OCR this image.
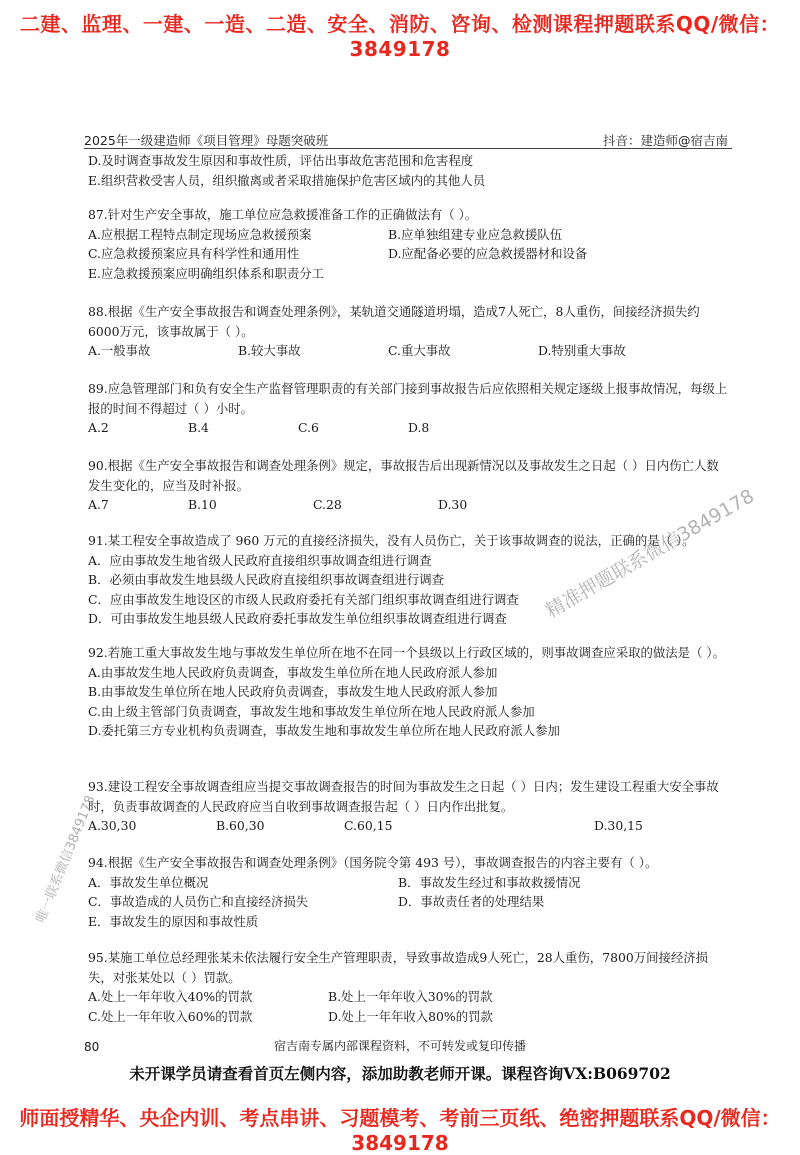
二建、监理、一建、一造、二造、安全、消防、咨询、检测课程押题联系QQ/微信：3849178
2025年一级建造师《项目管理》母题突破班	抖音：建造师@宿吉南
D.及时调查事故发生原因和事故性质，评估出事故危害范围和危害程度
E.组织营救受害人员，组织撤离或者采取措施保护危害区域内的其他人员
87.针对生产安全事故，施工单位应急救援准备工作的正确做法有（ ）。
A.应根据工程特点制定现场应急救援预案	B.应单独组建专业应急救援队伍
C.应急救援预案应具有科学性和通用性	D.应配备必要的应急救援器材和设备
E.应急救援预案应明确组织体系和职责分工
88.根据《生产安全事故报告和调查处理条例》，某轨道交通隧道坍塌，造成7人死亡，8人重伤，间接经济损失约6000万元，该事故属于（ ）。
A.一般事故	B.较大事故	C.重大事故	D.特别重大事故
89.应急管理部门和负有安全生产监督管理职责的有关部门接到事故报告后应依照相关规定逐级上报事故情况，每级上报的时间不得超过（ ）小时。
A.2	B.4	C.6	D.8
90.根据《生产安全事故报告和调查处理条例》规定，事故报告后出现新情况以及事故发生之日起（ ）日内伤亡人数发生变化的，应当及时补报。
A.7	B.10	C.28	D.30
91.某工程安全事故造成了 960 万元的直接经济损失，没有人员伤亡，关于该事故调查的说法，正确的是（ ）。
A．应由事故发生地省级人民政府直接组织事故调查组进行调查
B．必须由事故发生地县级人民政府直接组织事故调查组进行调查
C．应由事故发生地设区的市级人民政府委托有关部门组织事故调查组进行调查
D．可由事故发生地县级人民政府委托事故发生单位组织事故调查组进行调查
92.若施工重大事故发生地与事故发生单位所在地不在同一个县级以上行政区域的，则事故调查应采取的做法是（ ）。
A.由事故发生地人民政府负责调查，事故发生单位所在地人民政府派人参加
B.由事故发生单位所在地人民政府负责调查，事故发生地人民政府派人参加
C.由上级主管部门负责调查，事故发生地和事故发生单位所在地人民政府派人参加
D.委托第三方专业机构负责调查，事故发生地和事故发生单位所在地人民政府派人参加
93.建设工程安全事故调查组应当提交事故调查报告的时间为事故发生之日起（ ）日内；发生建设工程重大安全事故时，负责事故调查的人民政府应当自收到事故调查报告起（ ）日内作出批复。
A.30,30	B.60,30	C.60,15	D.30,15
94.根据《生产安全事故报告和调查处理条例》（国务院令第 493 号），事故调查报告的内容主要有（ ）。
A．事故发生单位概况	B．事故发生经过和事故救援情况
C．事故造成的人员伤亡和直接经济损失	D．事故责任者的处理结果
E．事故发生的原因和事故性质
95.某施工单位总经理张某未依法履行安全生产管理职责，导致事故造成9人死亡，28人重伤，7800万间接经济损失，对张某处以（ ）罚款。
A.处上一年年收入40%的罚款	B.处上一年年收入30%的罚款
C.处上一年年收入60%的罚款	D.处上一年年收入80%的罚款
精准押题联系微信3849178
唯一联系微信3849178
80	宿吉南专属内部课程资料，不可转发或复印传播
未开课学员请查看首页左侧内容，添加助教老师开课。课程咨询VX:B069702
师面授精华、央企内训、考点串讲、习题模考、考前三页纸、绝密押题联系QQ/微信：3849178
